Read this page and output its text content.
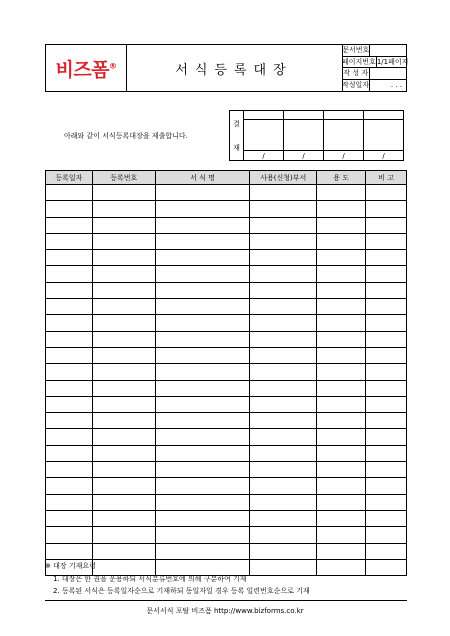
비즈폼®	서식등록대장
문서번호
페이지번호 1/1페이지
작 성 자
작성일자	. . .
아래와 같이 서식등록대장을 제출합니다.
결
재				

	/	/	/	/
등록일자	등록번호	서 식 명	사용(신청)부서	용 도	비 고

※ 대장 기재요령
1. 대장은 한 권을 운용하되 서식분류번호에 의해 구분하여 기재
2. 등록된 서식은 등록일자순으로 기재하되 동일자일 경우 등록 일련번호순으로 기재
문서서식 포탈 비즈폼 http://www.bizforms.co.kr
